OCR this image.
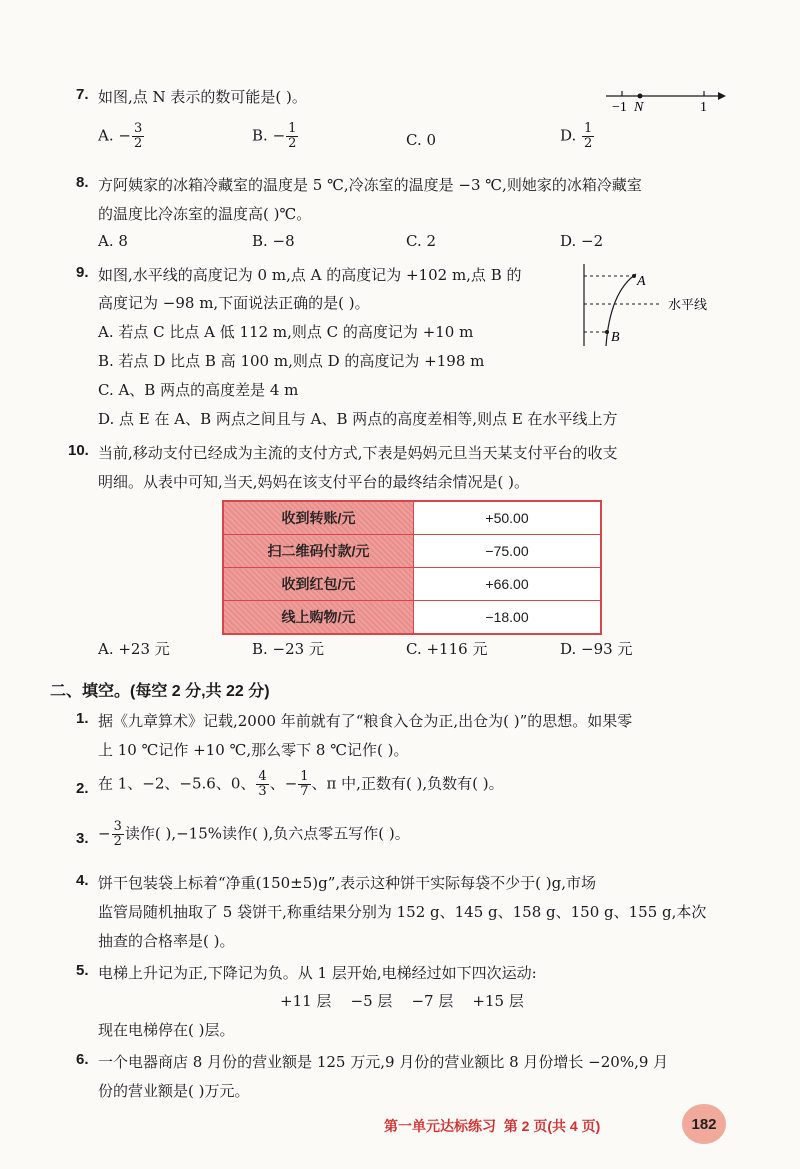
7. 如图,点 N 表示的数可能是( )。
−1 N	1
A. − $\frac{3}{2}$	B. − $\frac{1}{2}$	C. 0	D. $\frac{1}{2}$
8. 方阿姨家的冰箱冷藏室的温度是 5 ℃,冷冻室的温度是 −3 ℃,则她家的冰箱冷藏室
的温度比冷冻室的温度高( )℃。
A. 8	B. −8	C. 2	D. −2
9. 如图,水平线的高度记为 0 m,点 A 的高度记为 +102 m,点 B 的
高度记为 −98 m,下面说法正确的是( )。
A. 若点 C 比点 A 低 112 m,则点 C 的高度记为 +10 m
B. 若点 D 比点 B 高 100 m,则点 D 的高度记为 +198 m
C. A、B 两点的高度差是 4 m
D. 点 E 在 A、B 两点之间且与 A、B 两点的高度差相等,则点 E 在水平线上方
A
B
水平线
10. 当前,移动支付已经成为主流的支付方式,下表是妈妈元旦当天某支付平台的收支
明细。从表中可知,当天,妈妈在该支付平台的最终结余情况是( )。
收到转账/元	+50.00
扫二维码付款/元	−75.00
收到红包/元	+66.00
线上购物/元	−18.00
A. +23 元	B. −23 元	C. +116 元	D. −93 元
二、填空。(每空 2 分,共 22 分)
1. 据《九章算术》记载,2000 年前就有了“粮食入仓为正,出仓为( )”的思想。如果零
上 10 ℃记作 +10 ℃,那么零下 8 ℃记作( )。
2. 在 1、−2、−5.6、0、 $\frac{4}{3}$ 、− $\frac{1}{7}$ 、π 中,正数有( ),负数有( )。
3. − $\frac{3}{2}$ 读作( ),−15%读作( ),负六点零五写作( )。
4. 饼干包装袋上标着“净重(150±5)g”,表示这种饼干实际每袋不少于( )g,市场
监管局随机抽取了 5 袋饼干,称重结果分别为 152 g、145 g、158 g、150 g、155 g,本次
抽查的合格率是( )。
5. 电梯上升记为正,下降记为负。从 1 层开始,电梯经过如下四次运动:
+11 层    −5 层    −7 层    +15 层
现在电梯停在( )层。
6. 一个电器商店 8 月份的营业额是 125 万元,9 月份的营业额比 8 月份增长 −20%,9 月
份的营业额是( )万元。
第一单元达标练习  第 2 页(共 4 页)	182
